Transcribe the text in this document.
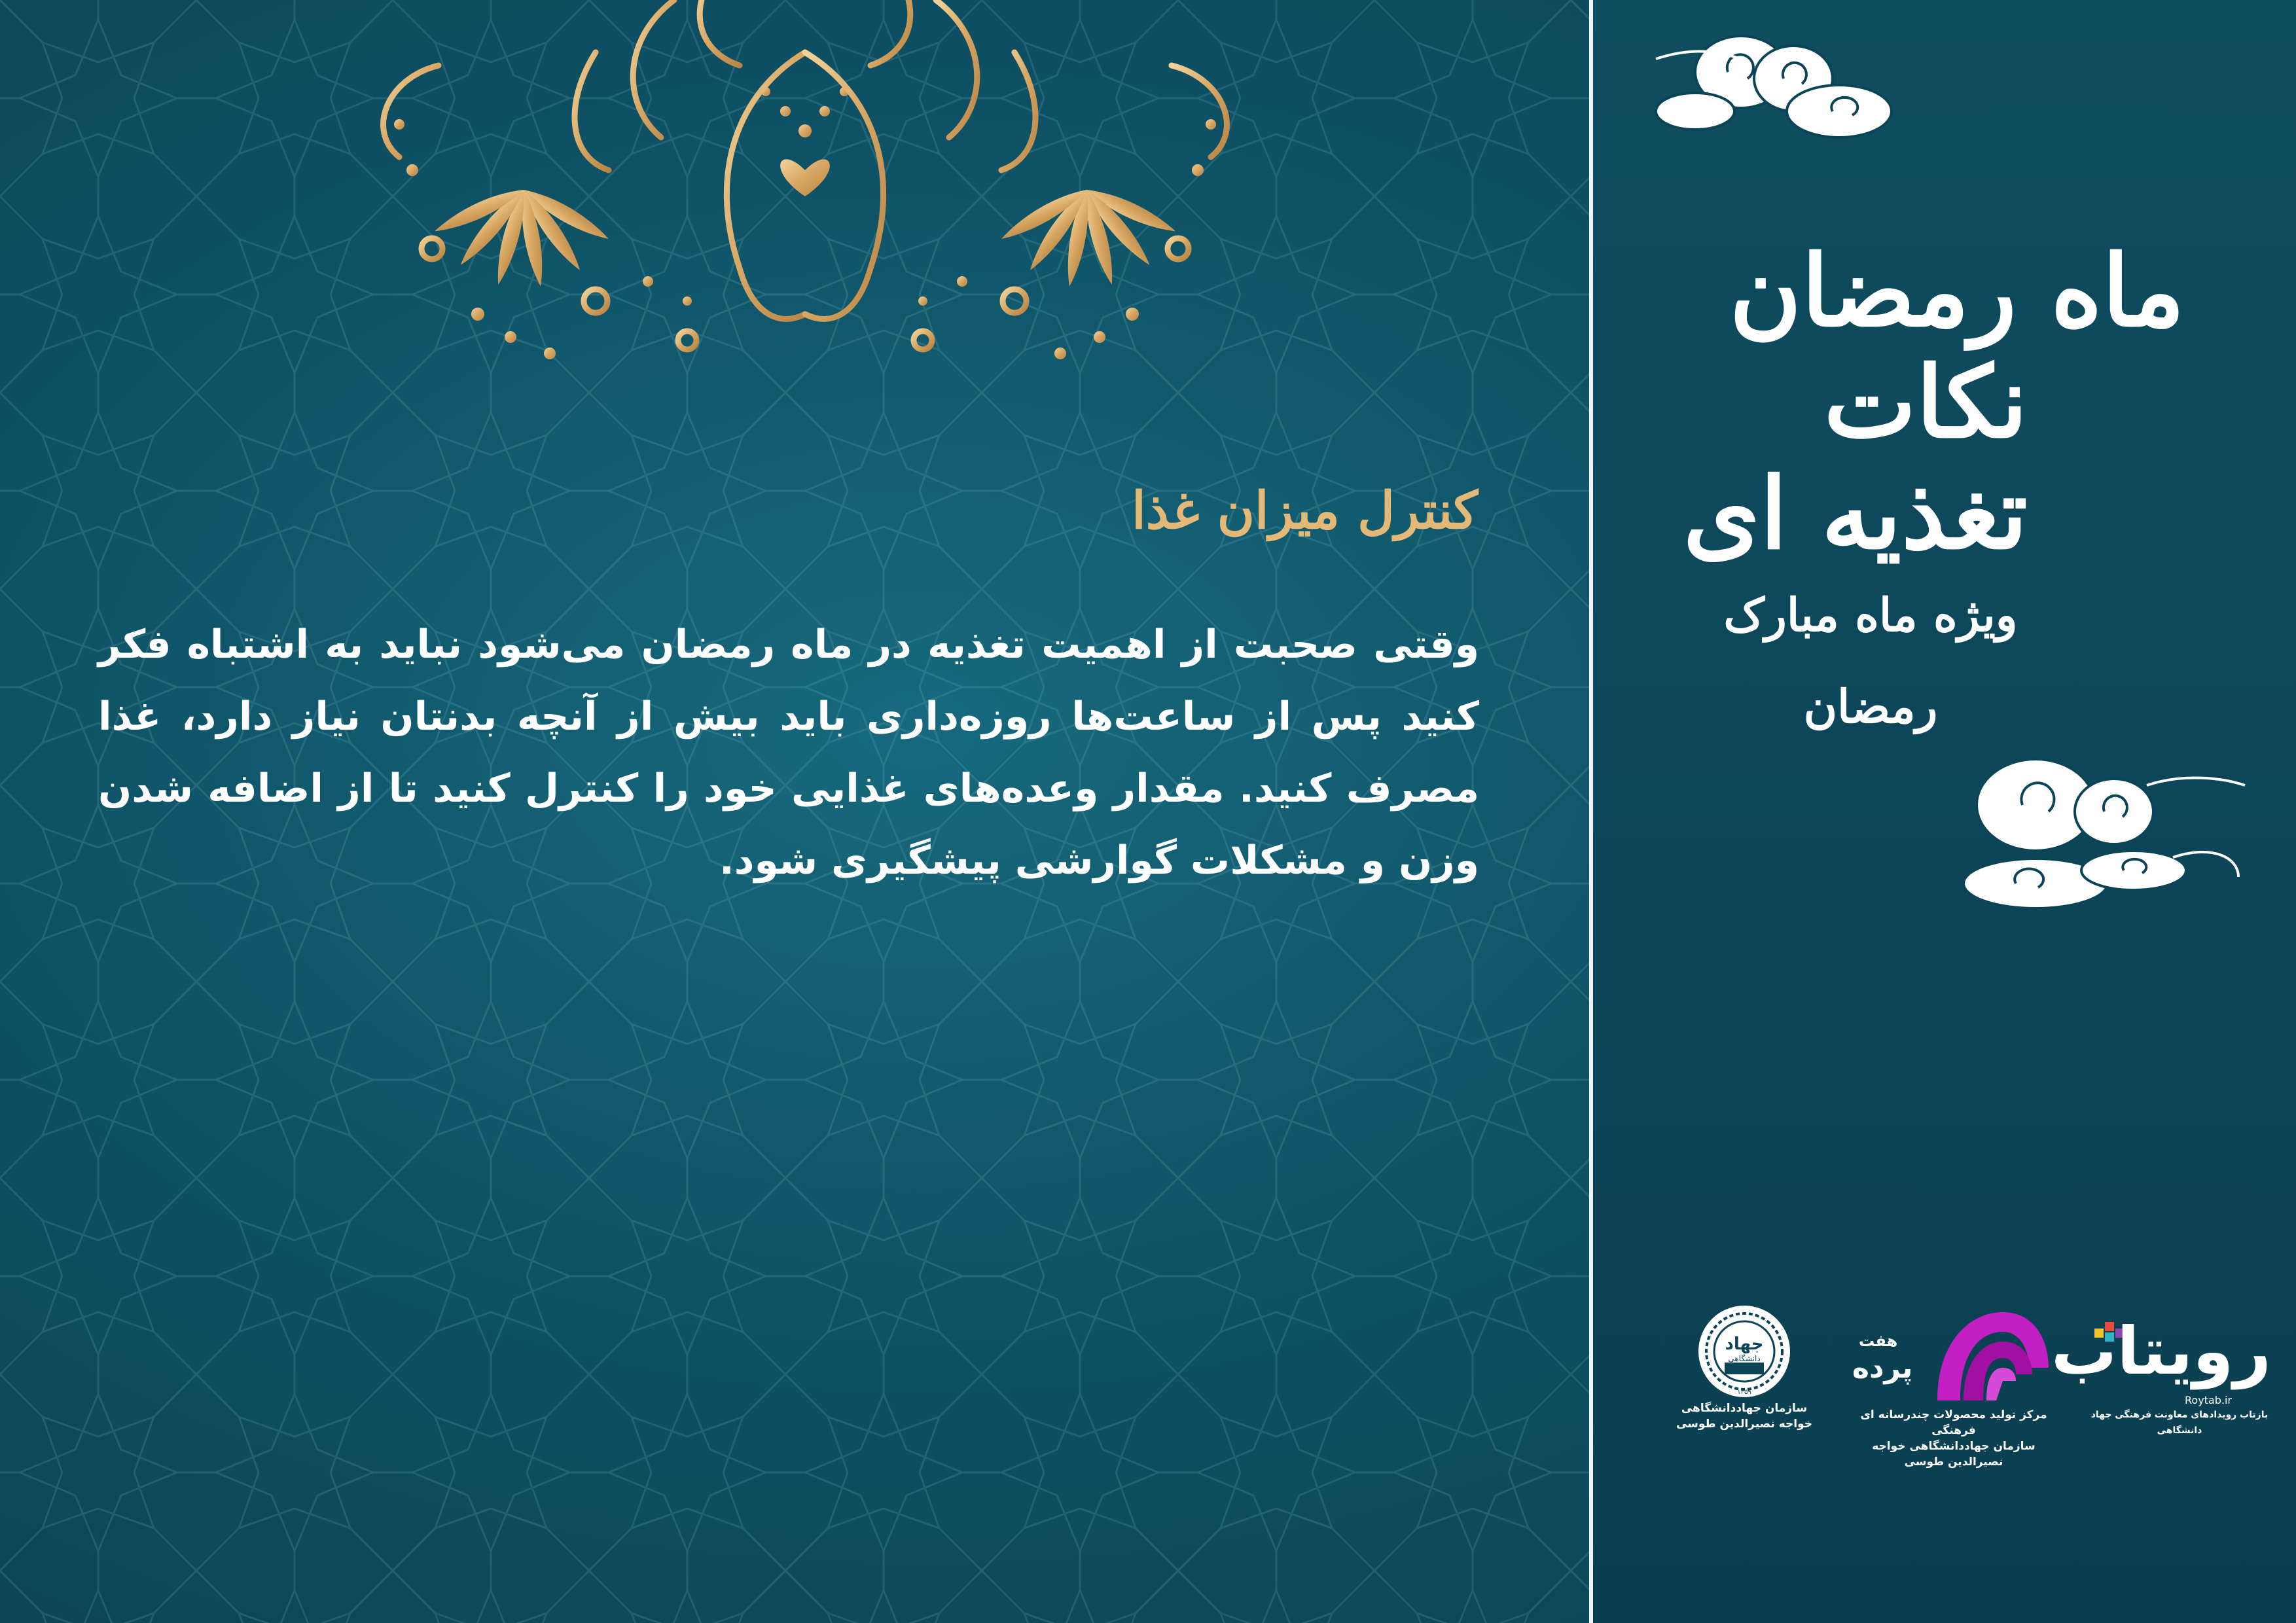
کنترل میزان غذا
وقتی صحبت از اهمیت تغذیه در ماه رمضان می‌شود نباید به اشتباه فکر کنید پس از ساعت‌ها روزه‌داری باید بیش از آنچه بدنتان نیاز دارد، غذا مصرف کنید. مقدار وعده‌های غذایی خود را کنترل کنید تا از اضافه شدن وزن و مشکلات گوارشی پیشگیری شود.
ماه رمضان
نکات تغذیه ای
ویژه ماه مبارک
رمضان
جهاد
دانشگاهی
۱۳۵۹
سازمان جهاددانشگاهی
خواجه نصیرالدین طوسی
هفت
پرده
مرکز تولید محصولات چندرسانه ای فرهنگی
سازمان جهاددانشگاهی خواجه نصیرالدین طوسی
رویتاب
Roytab.ir
بازتاب رویدادهای معاونت فرهنگی جهاد دانشگاهی
